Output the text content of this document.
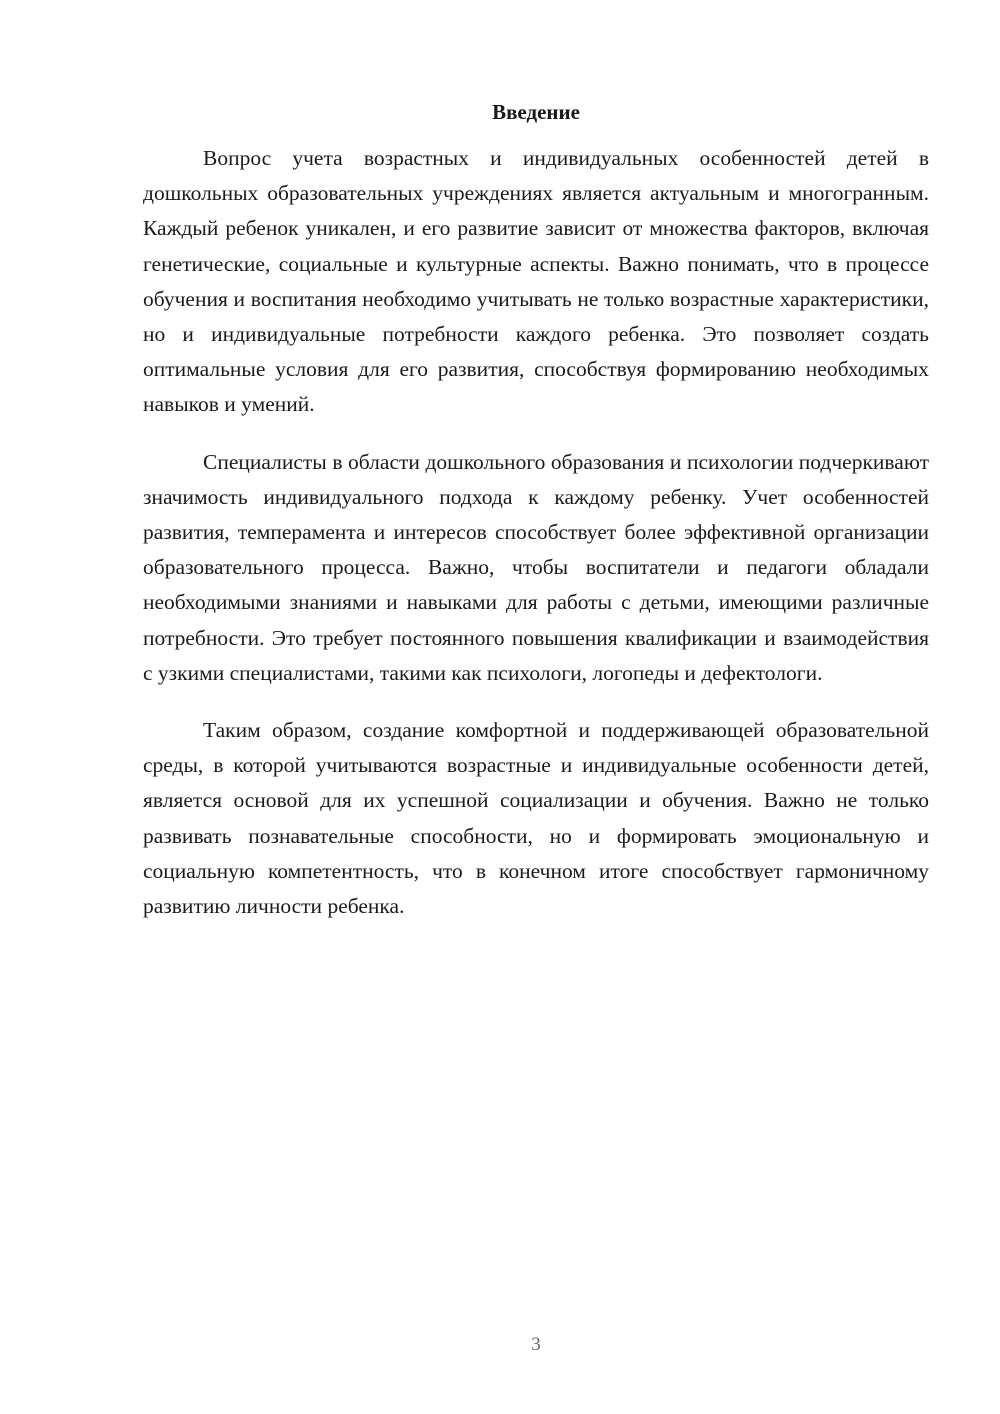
Введение

Вопрос учета возрастных и индивидуальных особенностей детей в дошкольных образовательных учреждениях является актуальным и многогранным. Каждый ребенок уникален, и его развитие зависит от множества факторов, включая генетические, социальные и культурные аспекты. Важно понимать, что в процессе обучения и воспитания необходимо учитывать не только возрастные характеристики, но и индивидуальные потребности каждого ребенка. Это позволяет создать оптимальные условия для его развития, способствуя формированию необходимых навыков и умений.

Специалисты в области дошкольного образования и психологии подчеркивают значимость индивидуального подхода к каждому ребенку. Учет особенностей развития, темперамента и интересов способствует более эффективной организации образовательного процесса. Важно, чтобы воспитатели и педагоги обладали необходимыми знаниями и навыками для работы с детьми, имеющими различные потребности. Это требует постоянного повышения квалификации и взаимодействия с узкими специалистами, такими как психологи, логопеды и дефектологи.

Таким образом, создание комфортной и поддерживающей образовательной среды, в которой учитываются возрастные и индивидуальные особенности детей, является основой для их успешной социализации и обучения. Важно не только развивать познавательные способности, но и формировать эмоциональную и социальную компетентность, что в конечном итоге способствует гармоничному развитию личности ребенка.

3
